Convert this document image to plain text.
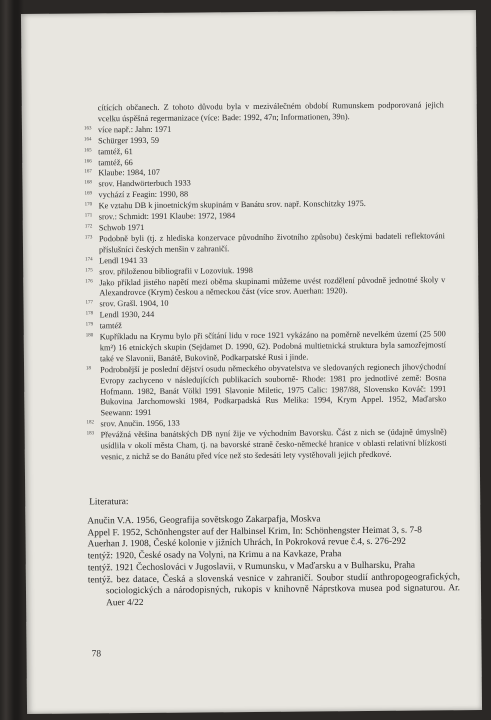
cítících občanech. Z tohoto důvodu byla v meziválečném období Rumunskem podporovaná jejich vcelku úspěšná regermanizace (více: Bade: 1992, 47n; Informationen, 39n).

163 více např.: Jahn: 1971
164 Schürger 1993, 59
165 tamtéž, 61
166 tamtéž, 66
167 Klaube: 1984, 107
168 srov. Handwörterbuch 1933
169 vychází z Feagin: 1990, 88
170 Ke vztahu DB k jinoetnickým skupinám v Banátu srov. např. Konschitzky 1975.
171 srov.: Schmidt: 1991 Klaube: 1972, 1984
172 Schwob 1971
173 Podobně byli (tj. z hlediska konzervace původního životního způsobu) českými badateli reflektováni příslušníci českých menšin v zahraničí.
174 Lendl 1941 33
175 srov. přiloženou bibliografii v Lozoviuk. 1998
176 Jako příklad jistého napětí mezi oběma skupinami můžeme uvést rozdělení původně jednotné školy v Alexandrovce (Krym) českou a německou část (více srov. Auerhan: 1920).
177 srov. Grašl. 1904, 10
178 Lendl 1930, 244
179 tamtéž
180 Kupříkladu na Krymu bylo při sčítání lidu v roce 1921 vykázáno na poměrně nevelkém území (25 500 km²) 16 etnických skupin (Sejdamet D. 1990, 62). Podobná multietnická struktura byla samozřejmostí také ve Slavonii, Banátě, Bukovině, Podkarpatské Rusi i jinde.
18	Podrobnější je poslední dějství osudu německého obyvatelstva ve sledovaných regionech jihovýchodní Evropy zachyceno v následujících publikacích souborně- Rhode: 1981 pro jednotlivé země: Bosna Hofmann. 1982, Banát Völkl 1991 Slavonie Miletic, 1975 Calic: 1987/88, Slovensko Kováč: 1991 Bukovina Jarchomowski 1984, Podkarpadská Rus Melika: 1994, Krym Appel. 1952, Maďarsko Seewann: 1991
182 srov. Anučin. 1956, 133
183 Převážná většina banátských DB nyní žije ve východním Bavorsku. Část z nich se (údajně úmyslně) usídlila v okolí města Cham, tj. na bavorské straně česko-německé hranice v oblasti relativní blízkosti vesnic, z nichž se do Banátu před více než sto šedesáti lety vystěhovali jejich předkové.

Literatura:

Anučin V.A. 1956, Geografija sovětskogo Zakarpafja, Moskva

Appel F. 1952, Schönhengster auf der Halbinsel Krim, In: Schönhengster Heimat 3, s. 7-8

Auerhan J. 1908, České kolonie v jižních Uhrách, In Pokroková revue č.4, s. 276-292

tentýž: 1920, České osady na Volyni, na Krimu a na Kavkaze, Praha

tentýž. 1921 Čechoslováci v Jugoslavii, v Rumunsku, v Maďarsku a v Bulharsku, Praha

tentýž. bez datace, Česká a slovenská vesnice v zahraničí. Soubor studií anthropogeografických, sociologických a národopisných, rukopis v knihovně Náprstkova musea pod signaturou. Ar. Auer 4/22

78
